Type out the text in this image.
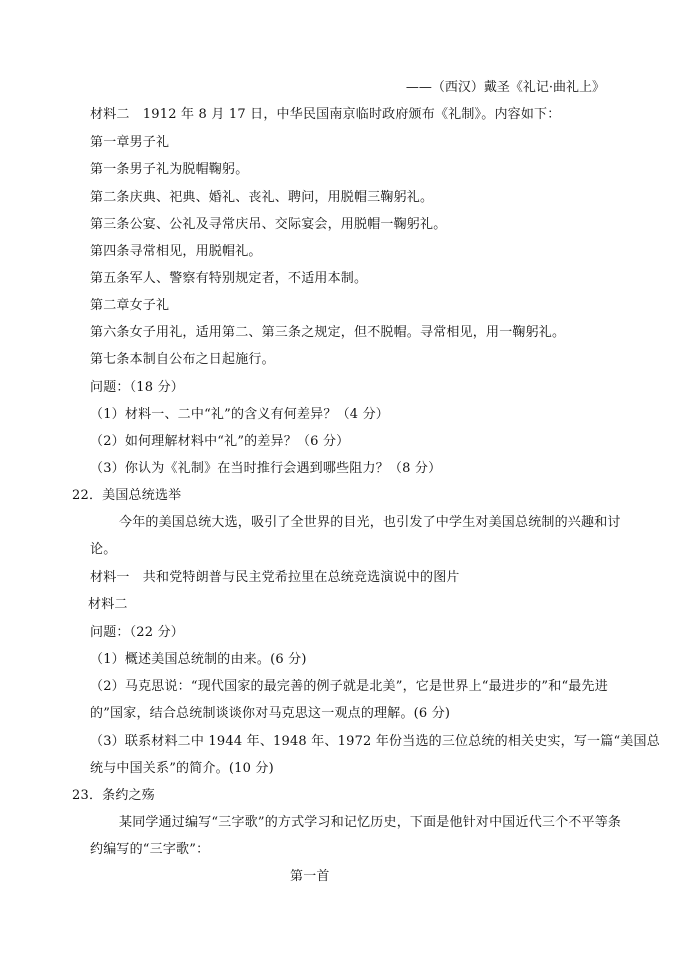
——（西汉）戴圣《礼记·曲礼上》
材料二　1912 年 8 月 17 日，中华民国南京临时政府颁布《礼制》。内容如下：
第一章男子礼
第一条男子礼为脱帽鞠躬。
第二条庆典、祀典、婚礼、丧礼、聘问，用脱帽三鞠躬礼。
第三条公宴、公礼及寻常庆吊、交际宴会，用脱帽一鞠躬礼。
第四条寻常相见，用脱帽礼。
第五条军人、警察有特别规定者，不适用本制。
第二章女子礼
第六条女子用礼，适用第二、第三条之规定，但不脱帽。寻常相见，用一鞠躬礼。
第七条本制自公布之日起施行。
问题：（18 分）
（1）材料一、二中“礼”的含义有何差异？（4 分）
（2）如何理解材料中“礼”的差异？（6 分）
（3）你认为《礼制》在当时推行会遇到哪些阻力？（8 分）
22．美国总统选举
今年的美国总统大选，吸引了全世界的目光，也引发了中学生对美国总统制的兴趣和讨
论。
材料一　共和党特朗普与民主党希拉里在总统竞选演说中的图片
材料二
问题：（22 分）
（1）概述美国总统制的由来。(6 分)
（2）马克思说：“现代国家的最完善的例子就是北美”，它是世界上“最进步的”和“最先进
的”国家，结合总统制谈谈你对马克思这一观点的理解。(6 分)
（3）联系材料二中 1944 年、1948 年、1972 年份当选的三位总统的相关史实，写一篇“美国总
统与中国关系”的简介。(10 分)
23．条约之殇
某同学通过编写“三字歌”的方式学习和记忆历史，下面是他针对中国近代三个不平等条
约编写的“三字歌”：
第一首
